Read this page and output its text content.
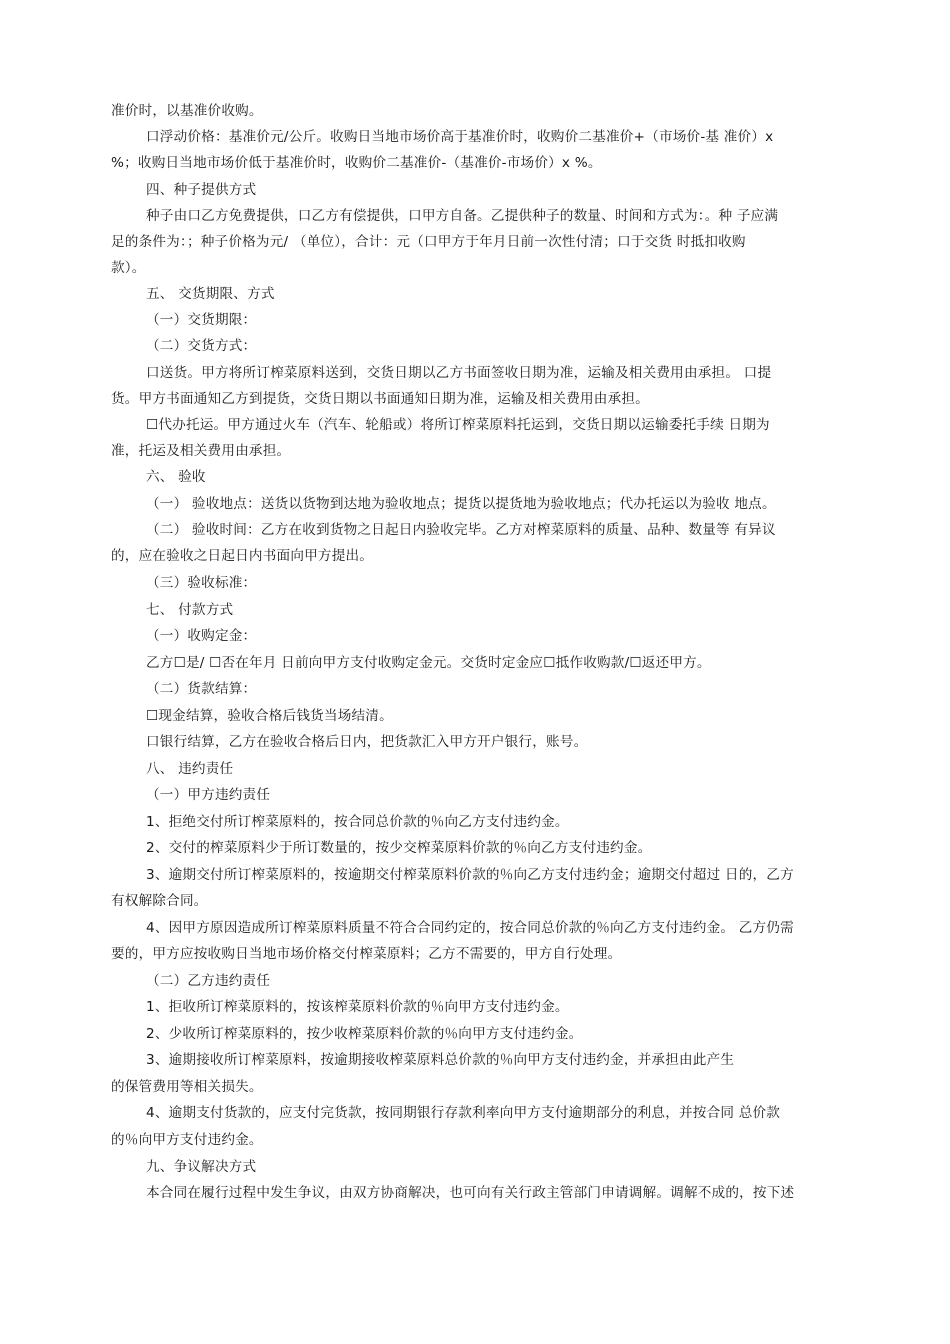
准价时，以基准价收购。
口浮动价格：基准价元/公斤。收购日当地市场价高于基准价时，收购价二基准价+（市场价-基 准价）x
%；收购日当地市场价低于基准价时，收购价二基准价-（基准价-市场价）x %。
四、种子提供方式
种子由口乙方免费提供，口乙方有偿提供，口甲方自备。乙提供种子的数量、时间和方式为：。种 子应满
足的条件为：；种子价格为元/ （单位），合计：元（口甲方于年月日前一次性付清；口于交货 时抵扣收购
款）。
五、 交货期限、方式
（一）交货期限：
（二）交货方式：
口送货。甲方将所订榨菜原料送到，交货日期以乙方书面签收日期为准，运输及相关费用由承担。 口提
货。甲方书面通知乙方到提货，交货日期以书面通知日期为准，运输及相关费用由承担。
☐代办托运。甲方通过火车（汽车、轮船或）将所订榨菜原料托运到，交货日期以运输委托手续 日期为
准，托运及相关费用由承担。
六、 验收
（一） 验收地点：送货以货物到达地为验收地点；提货以提货地为验收地点；代办托运以为验收 地点。
（二） 验收时间：乙方在收到货物之日起日内验收完毕。乙方对榨菜原料的质量、品种、数量等 有异议
的，应在验收之日起日内书面向甲方提出。
（三）验收标准：
七、 付款方式
（一）收购定金：
乙方☐是/ ☐否在年月 日前向甲方支付收购定金元。交货时定金应☐抵作收购款/☐返还甲方。
（二）货款结算：
☐现金结算，验收合格后钱货当场结清。
口银行结算，乙方在验收合格后日内，把货款汇入甲方开户银行，账号。
八、 违约责任
（一）甲方违约责任
1、拒绝交付所订榨菜原料的，按合同总价款的％向乙方支付违约金。
2、交付的榨菜原料少于所订数量的，按少交榨菜原料价款的％向乙方支付违约金。
3、逾期交付所订榨菜原料的，按逾期交付榨菜原料价款的％向乙方支付违约金；逾期交付超过 日的，乙方
有权解除合同。
4、因甲方原因造成所订榨菜原料质量不符合合同约定的，按合同总价款的％向乙方支付违约金。 乙方仍需
要的，甲方应按收购日当地市场价格交付榨菜原料；乙方不需要的，甲方自行处理。
（二）乙方违约责任
1、拒收所订榨菜原料的，按该榨菜原料价款的％向甲方支付违约金。
2、少收所订榨菜原料的，按少收榨菜原料价款的％向甲方支付违约金。
3、逾期接收所订榨菜原料，按逾期接收榨菜原料总价款的％向甲方支付违约金，并承担由此产生
的保管费用等相关损失。
4、逾期支付货款的，应支付完货款，按同期银行存款利率向甲方支付逾期部分的利息，并按合同 总价款
的％向甲方支付违约金。
九、争议解决方式
本合同在履行过程中发生争议，由双方协商解决，也可向有关行政主管部门申请调解。调解不成的，按下述
